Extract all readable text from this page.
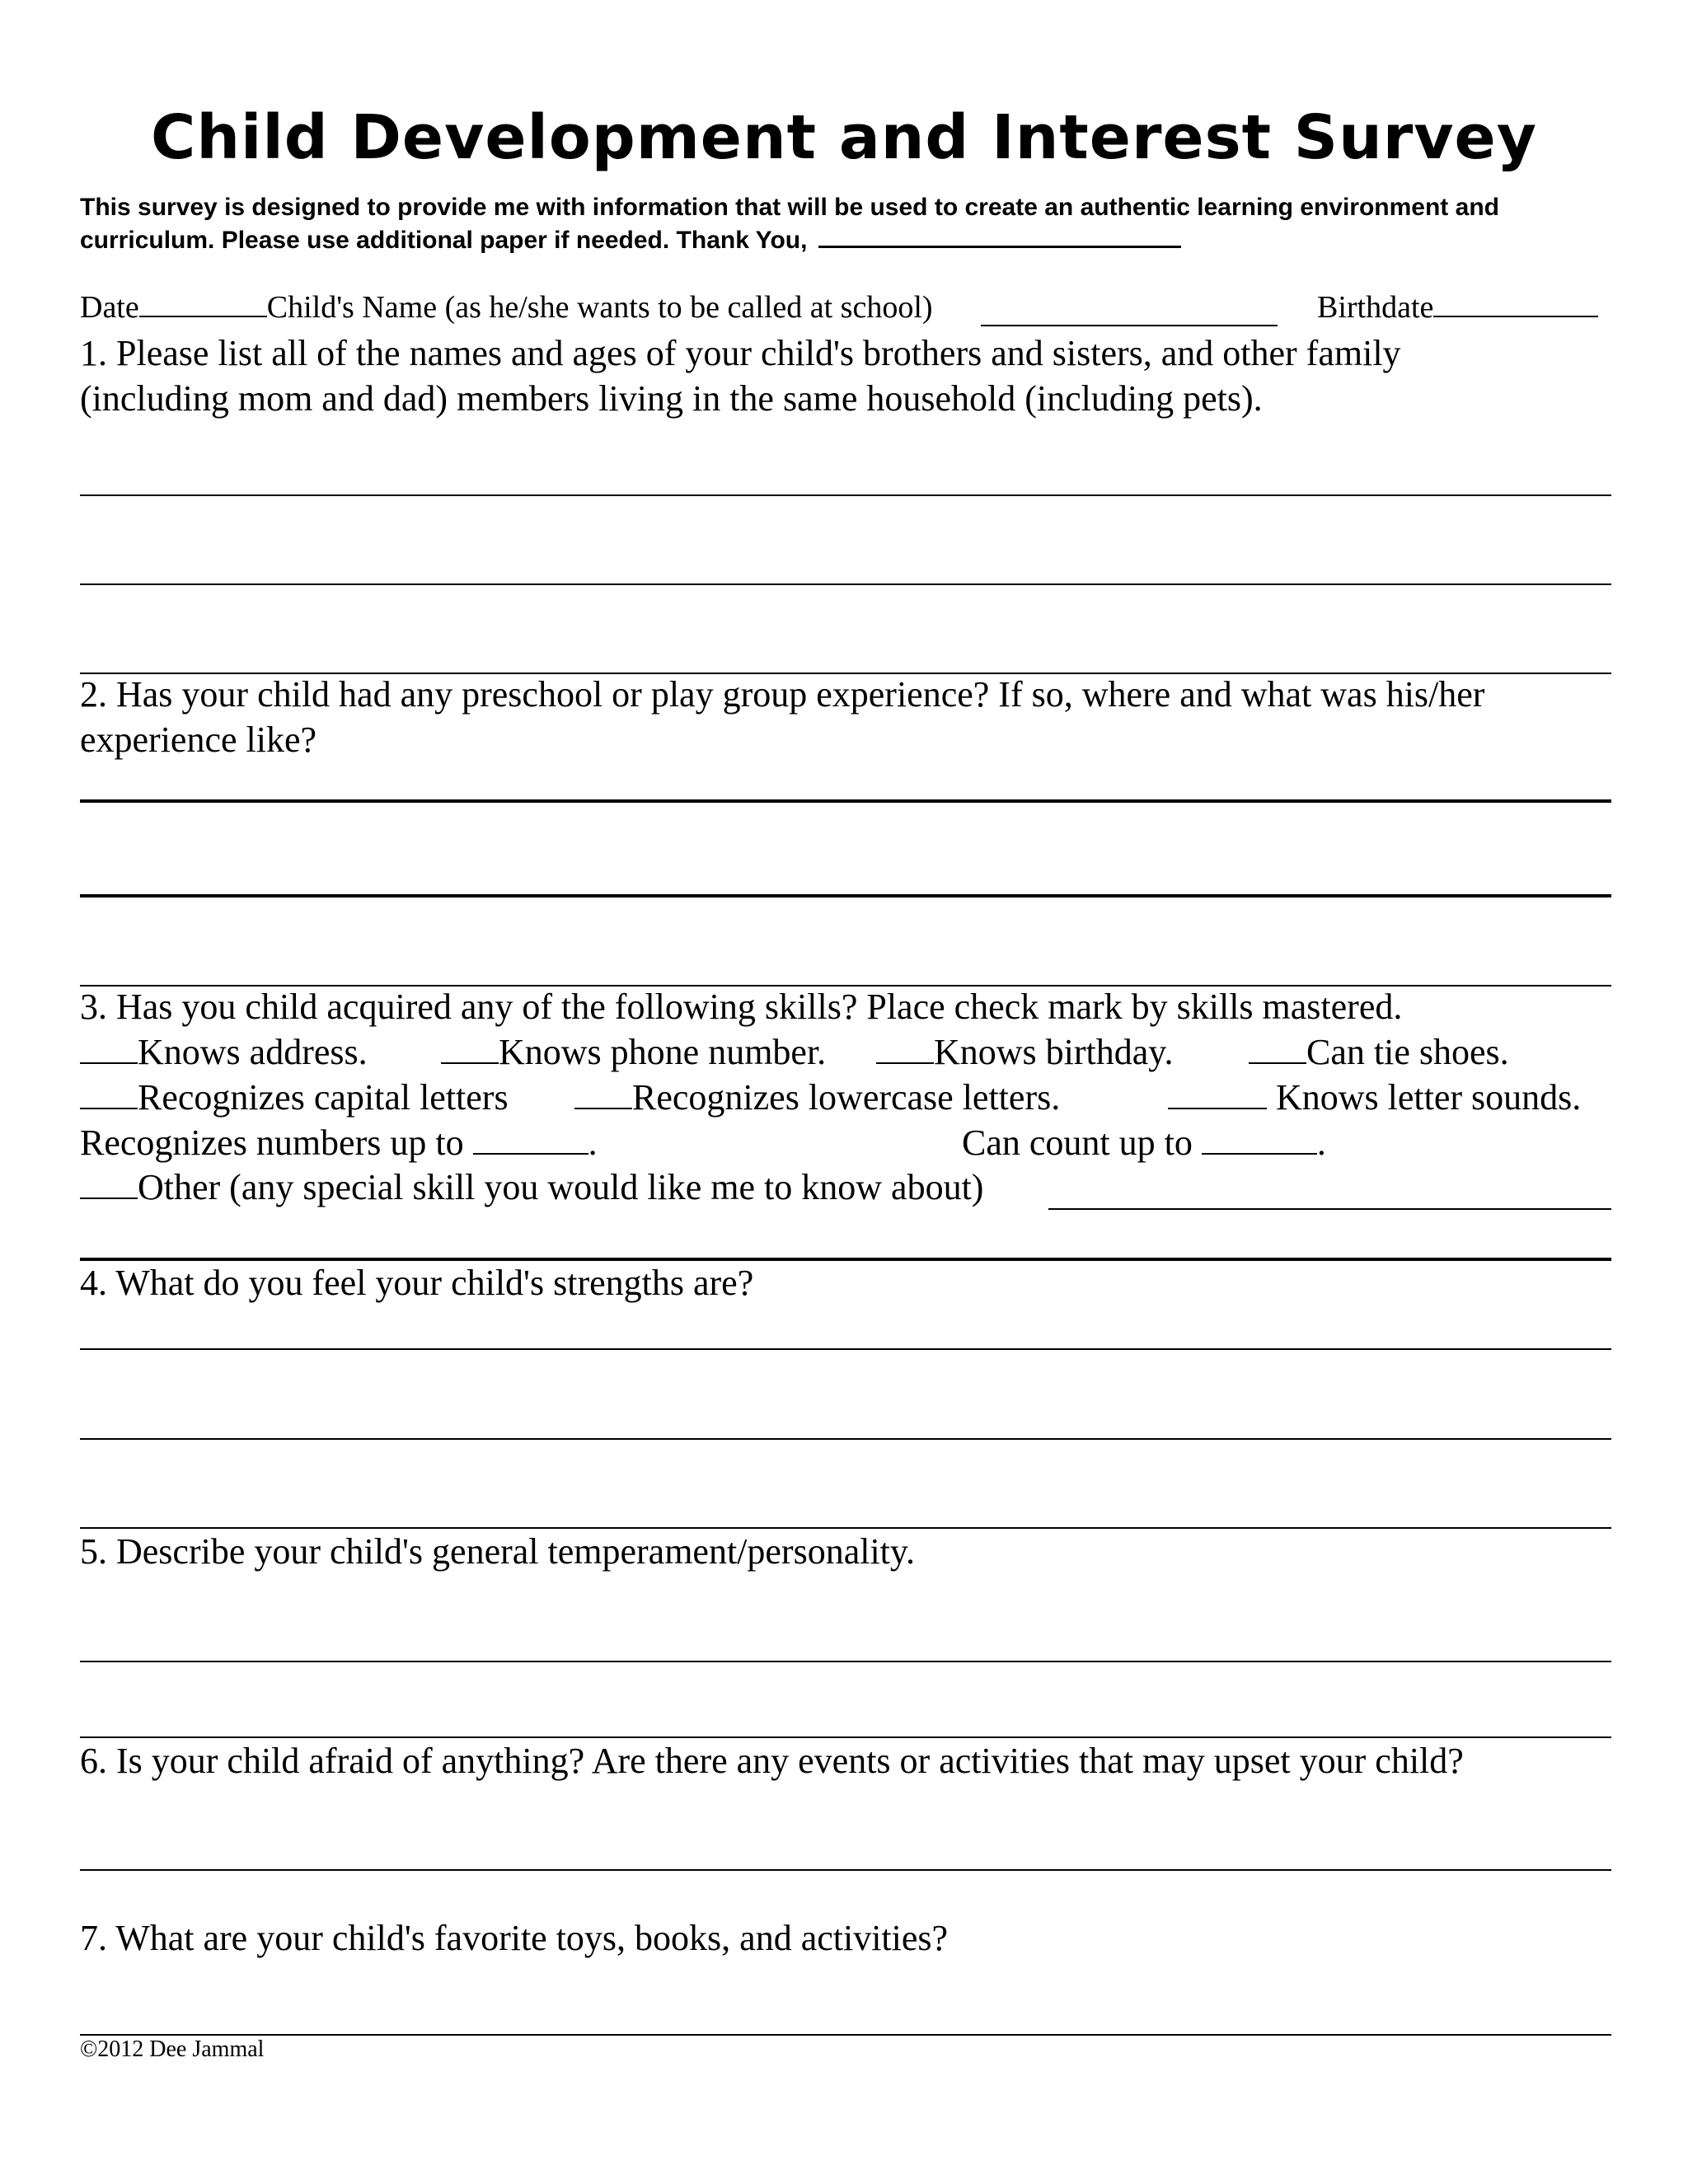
Child Development and Interest Survey
This survey is designed to provide me with information that will be used to create an authentic learning environment and curriculum. Please use additional paper if needed. Thank You,
Date	Child's Name (as he/she wants to be called at school)	Birthdate
1. Please list all of the names and ages of your child's brothers and sisters, and other family
(including mom and dad) members living in the same household (including pets).
2. Has your child had any preschool or play group experience? If so, where and what was his/her
experience like?
3. Has you child acquired any of the following skills? Place check mark by skills mastered.
Knows address.	Knows phone number.	Knows birthday.	Can tie shoes.
Recognizes capital letters	Recognizes lowercase letters.	Knows letter sounds.
Recognizes numbers up to	.	Can count up to	.
Other (any special skill you would like me to know about)
4. What do you feel your child's strengths are?
5. Describe your child's general temperament/personality.
6. Is your child afraid of anything? Are there any events or activities that may upset your child?
7. What are your child's favorite toys, books, and activities?
©2012 Dee Jammal
